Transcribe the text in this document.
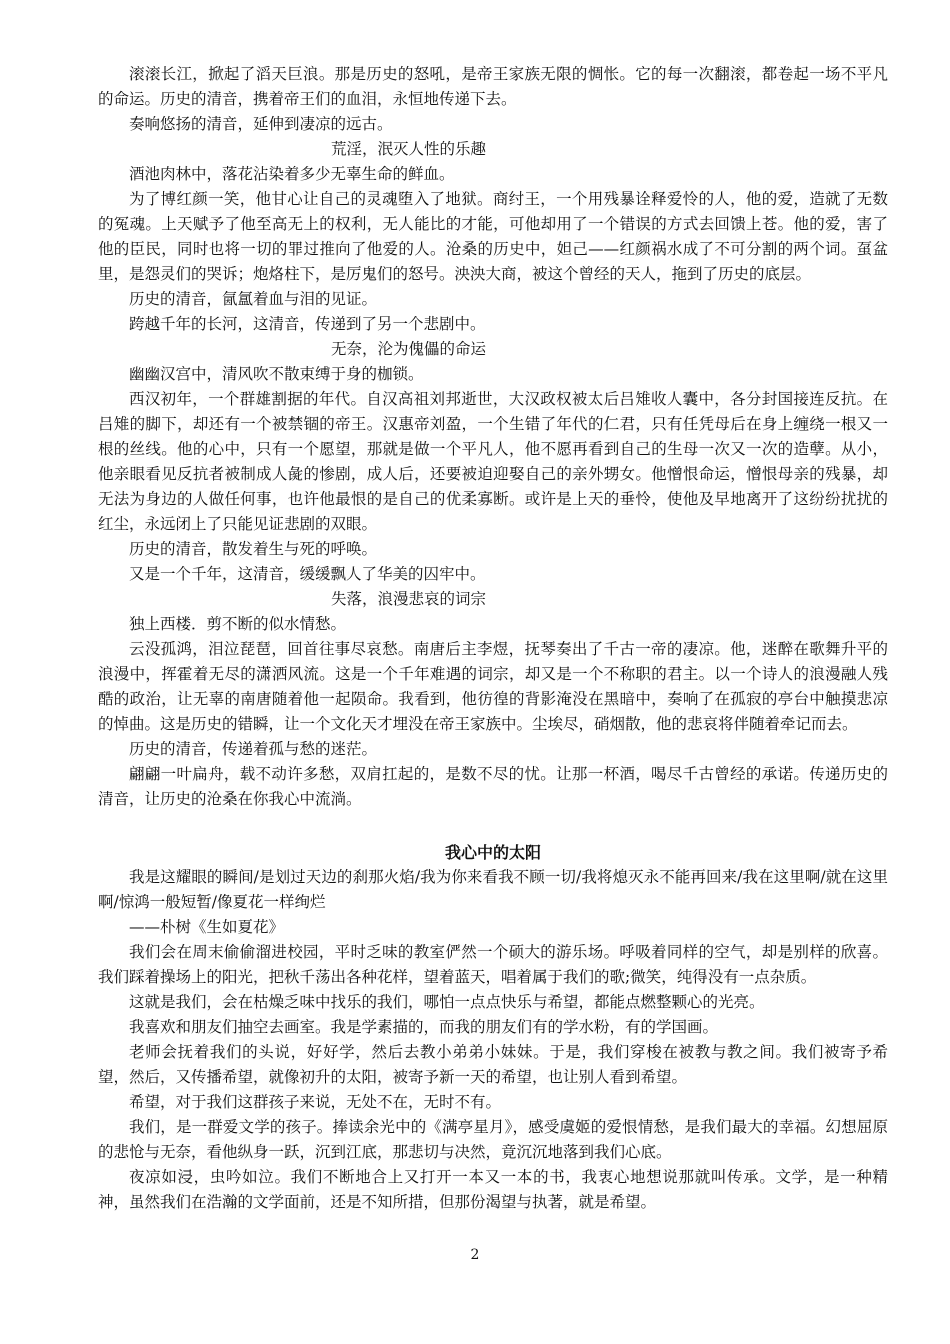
滚滚长江，掀起了滔天巨浪。那是历史的怒吼，是帝王家族无限的惆怅。它的每一次翻滚，都卷起一场不平凡的命运。历史的清音，携着帝王们的血泪，永恒地传递下去。

奏响悠扬的清音，延伸到凄凉的远古。

荒淫，泯灭人性的乐趣

酒池肉林中，落花沾染着多少无辜生命的鲜血。

为了博红颜一笑，他甘心让自己的灵魂堕入了地狱。商纣王，一个用残暴诠释爱怜的人，他的爱，造就了无数的冤魂。上天赋予了他至高无上的权利，无人能比的才能，可他却用了一个错误的方式去回馈上苍。他的爱，害了他的臣民，同时也将一切的罪过推向了他爱的人。沧桑的历史中，妲己——红颜祸水成了不可分割的两个词。虿盆里，是怨灵们的哭诉；炮烙柱下，是厉鬼们的怒号。泱泱大商，被这个曾经的天人，拖到了历史的底层。

历史的清音，氤氲着血与泪的见证。

跨越千年的长河，这清音，传递到了另一个悲剧中。

无奈，沦为傀儡的命运

幽幽汉宫中，清风吹不散束缚于身的枷锁。

西汉初年，一个群雄割据的年代。自汉高祖刘邦逝世，大汉政权被太后吕雉收人囊中，各分封国接连反抗。在吕雉的脚下，却还有一个被禁锢的帝王。汉惠帝刘盈，一个生错了年代的仁君，只有任凭母后在身上缠绕一根又一根的丝线。他的心中，只有一个愿望，那就是做一个平凡人，他不愿再看到自己的生母一次又一次的造孽。从小，他亲眼看见反抗者被制成人彘的惨剧，成人后，还要被迫迎娶自己的亲外甥女。他憎恨命运，憎恨母亲的残暴，却无法为身边的人做任何事，也许他最恨的是自己的优柔寡断。或许是上天的垂怜，使他及早地离开了这纷纷扰扰的红尘，永远闭上了只能见证悲剧的双眼。

历史的清音，散发着生与死的呼唤。

又是一个千年，这清音，缓缓飘人了华美的囚牢中。

失落，浪漫悲哀的词宗

独上西楼．剪不断的似水情愁。

云没孤鸿，泪泣琵琶，回首往事尽哀愁。南唐后主李煜，抚琴奏出了千古一帝的凄凉。他，迷醉在歌舞升平的浪漫中，挥霍着无尽的潇洒风流。这是一个千年难遇的词宗，却又是一个不称职的君主。以一个诗人的浪漫融人残酷的政治，让无辜的南唐随着他一起陨命。我看到，他彷徨的背影淹没在黑暗中，奏响了在孤寂的亭台中触摸悲凉的悼曲。这是历史的错瞬，让一个文化天才埋没在帝王家族中。尘埃尽，硝烟散，他的悲哀将伴随着牵记而去。

历史的清音，传递着孤与愁的迷茫。

翩翩一叶扁舟，载不动许多愁，双肩扛起的，是数不尽的忧。让那一杯酒，喝尽千古曾经的承诺。传递历史的清音，让历史的沧桑在你我心中流淌。

我心中的太阳

我是这耀眼的瞬间/是划过天边的刹那火焰/我为你来看我不顾一切/我将熄灭永不能再回来/我在这里啊/就在这里啊/惊鸿一般短暂/像夏花一样绚烂

——朴树《生如夏花》

我们会在周末偷偷溜进校园，平时乏味的教室俨然一个硕大的游乐场。呼吸着同样的空气，却是别样的欣喜。我们踩着操场上的阳光，把秋千荡出各种花样，望着蓝天，唱着属于我们的歌;微笑，纯得没有一点杂质。

这就是我们，会在枯燥乏味中找乐的我们，哪怕一点点快乐与希望，都能点燃整颗心的光亮。

我喜欢和朋友们抽空去画室。我是学素描的，而我的朋友们有的学水粉，有的学国画。

老师会抚着我们的头说，好好学，然后去教小弟弟小妹妹。于是，我们穿梭在被教与教之间。我们被寄予希望，然后，又传播希望，就像初升的太阳，被寄予新一天的希望，也让别人看到希望。

希望，对于我们这群孩子来说，无处不在，无时不有。

我们，是一群爱文学的孩子。捧读余光中的《满亭星月》，感受虞姬的爱恨情愁，是我们最大的幸福。幻想屈原的悲怆与无奈，看他纵身一跃，沉到江底，那悲切与决然，竟沉沉地落到我们心底。

夜凉如浸，虫吟如泣。我们不断地合上又打开一本又一本的书，我衷心地想说那就叫传承。文学，是一种精神，虽然我们在浩瀚的文学面前，还是不知所措，但那份渴望与执著，就是希望。

2
